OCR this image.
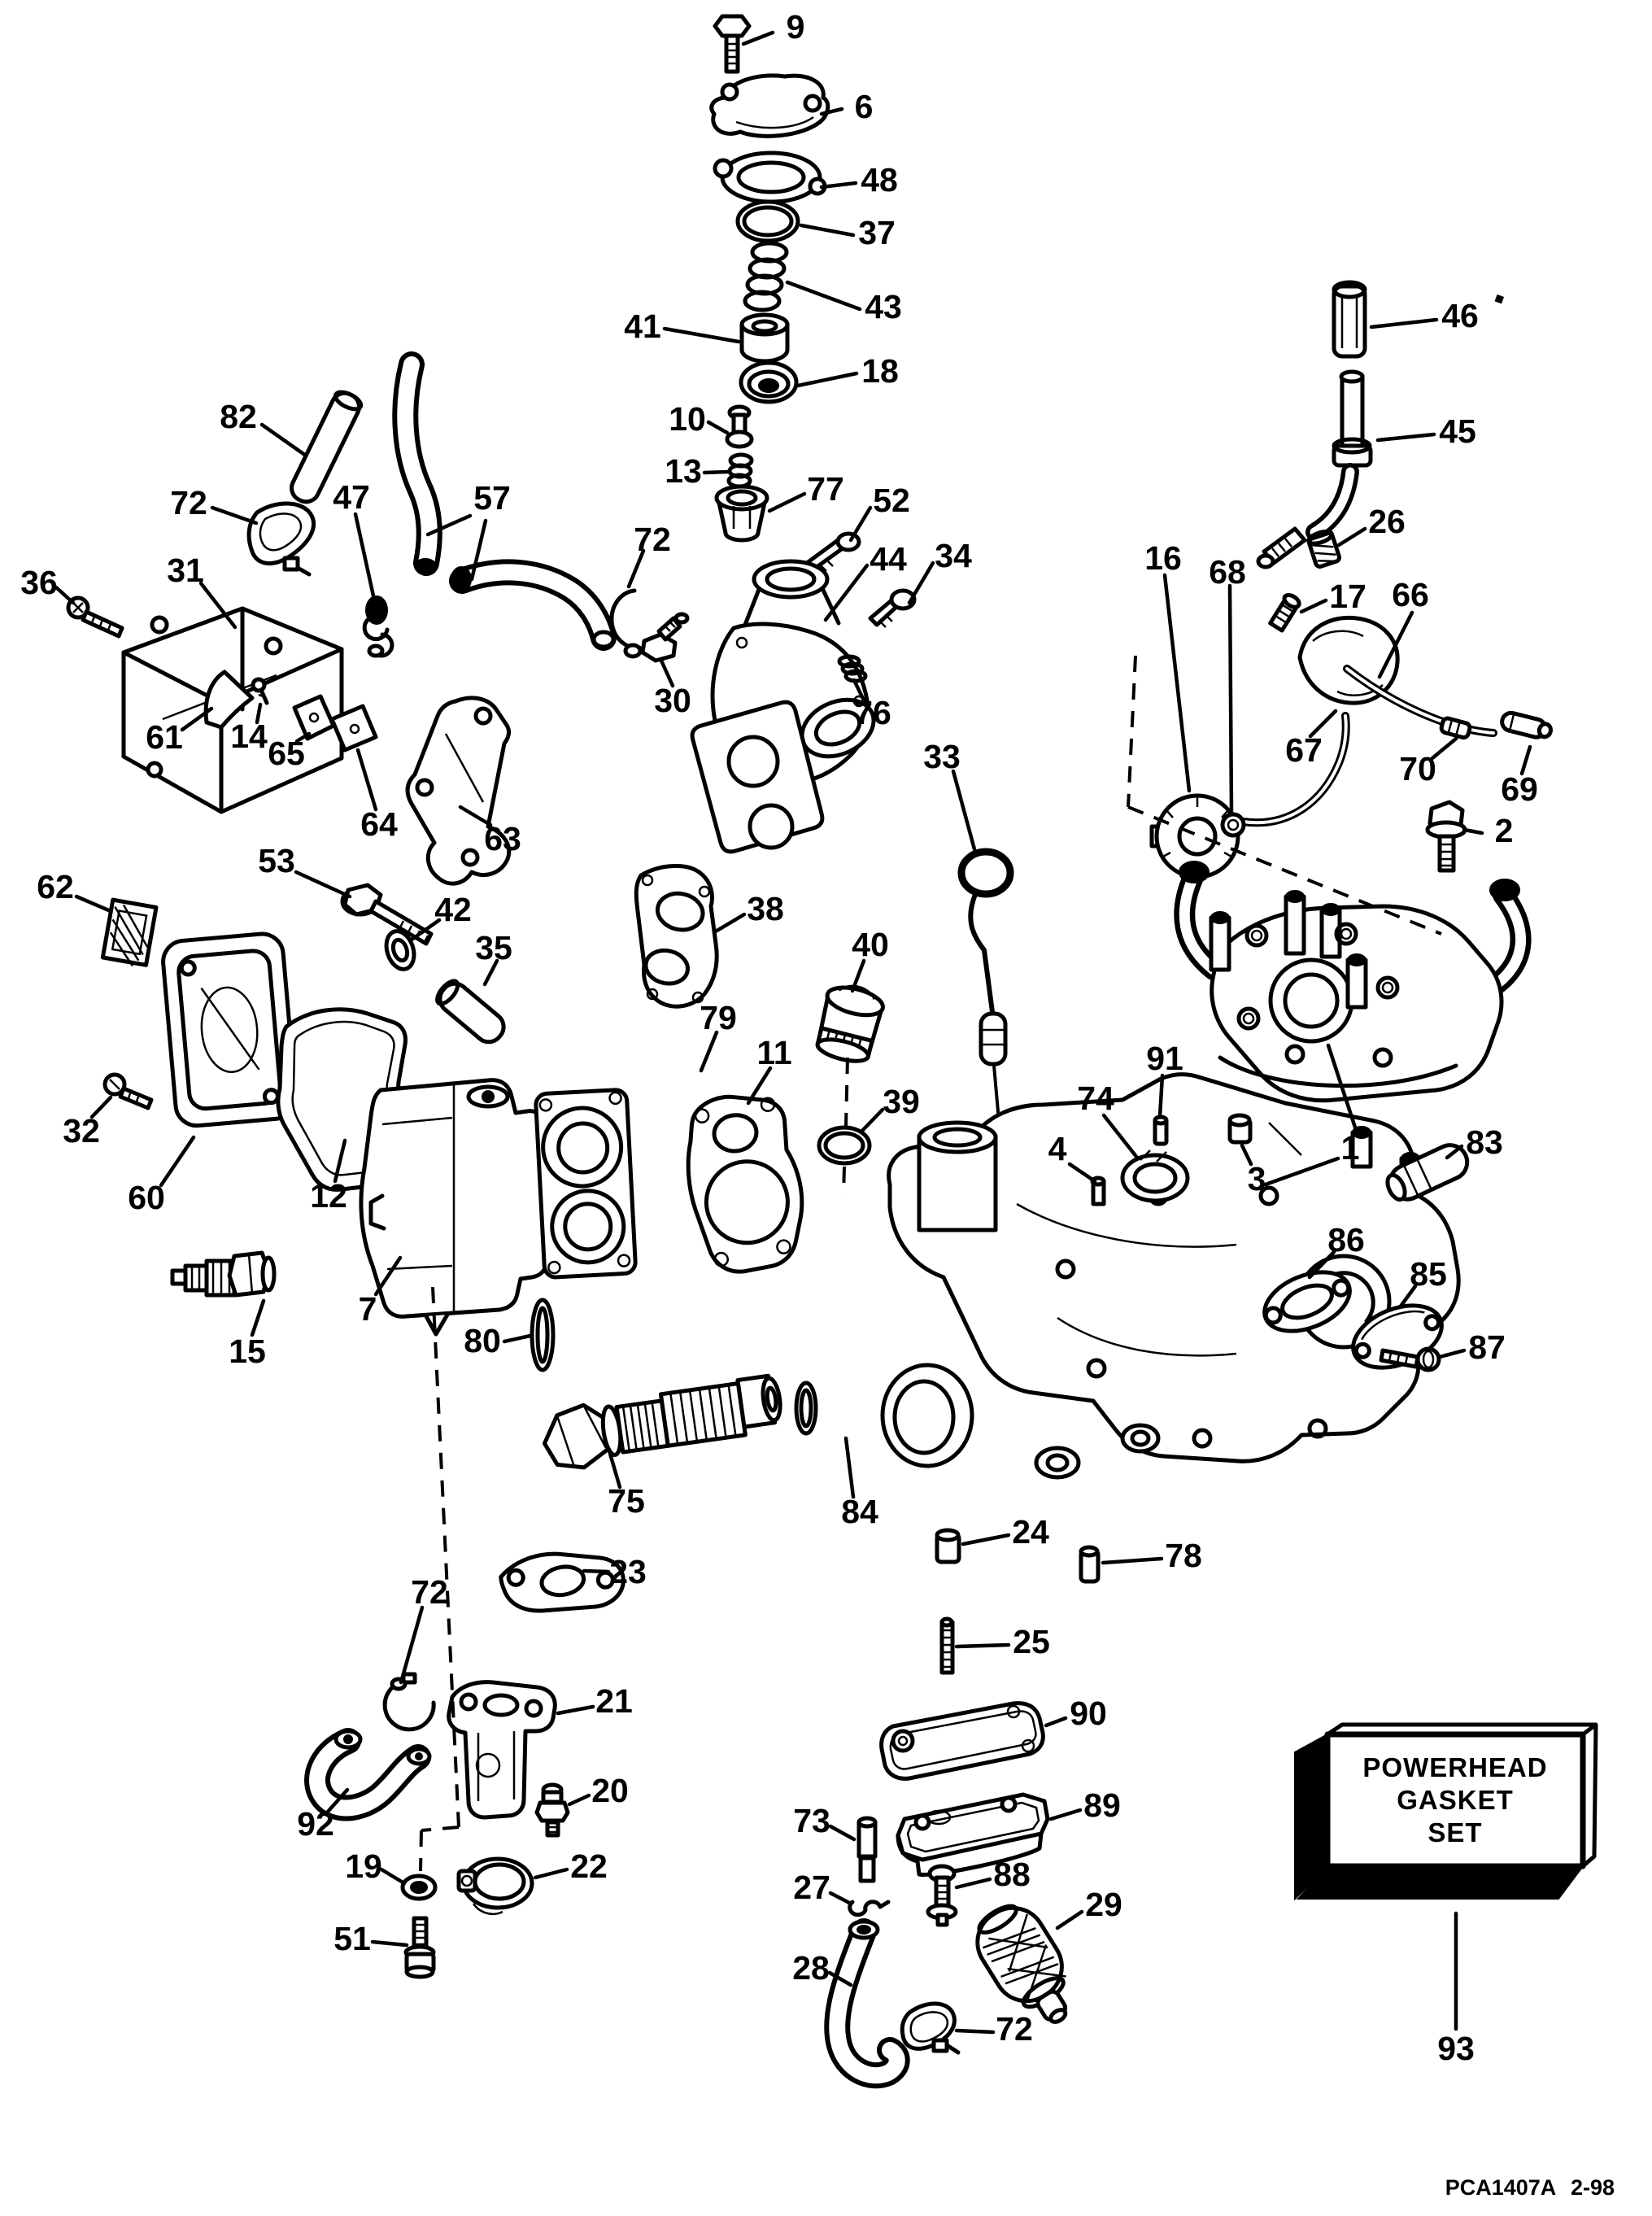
9
6
48
37
43
41
18
10
13	77 52
44 34
30	76
72
82
72	47	57
36	31
61 14 65
64	63
62
53
42
35
38
79
11
40
39	74
33
91
3
4	1	83
86
85
87
2
16 68
17
26
66
67 70
69
46
45
75	84
24
78
25
23
80
7
15
12
60
32
90
89
73
88
27	29
28
72
21
20
92
19	22
51
72
93
POWERHEAD
GASKET
SET
PCA1407A 2-98
